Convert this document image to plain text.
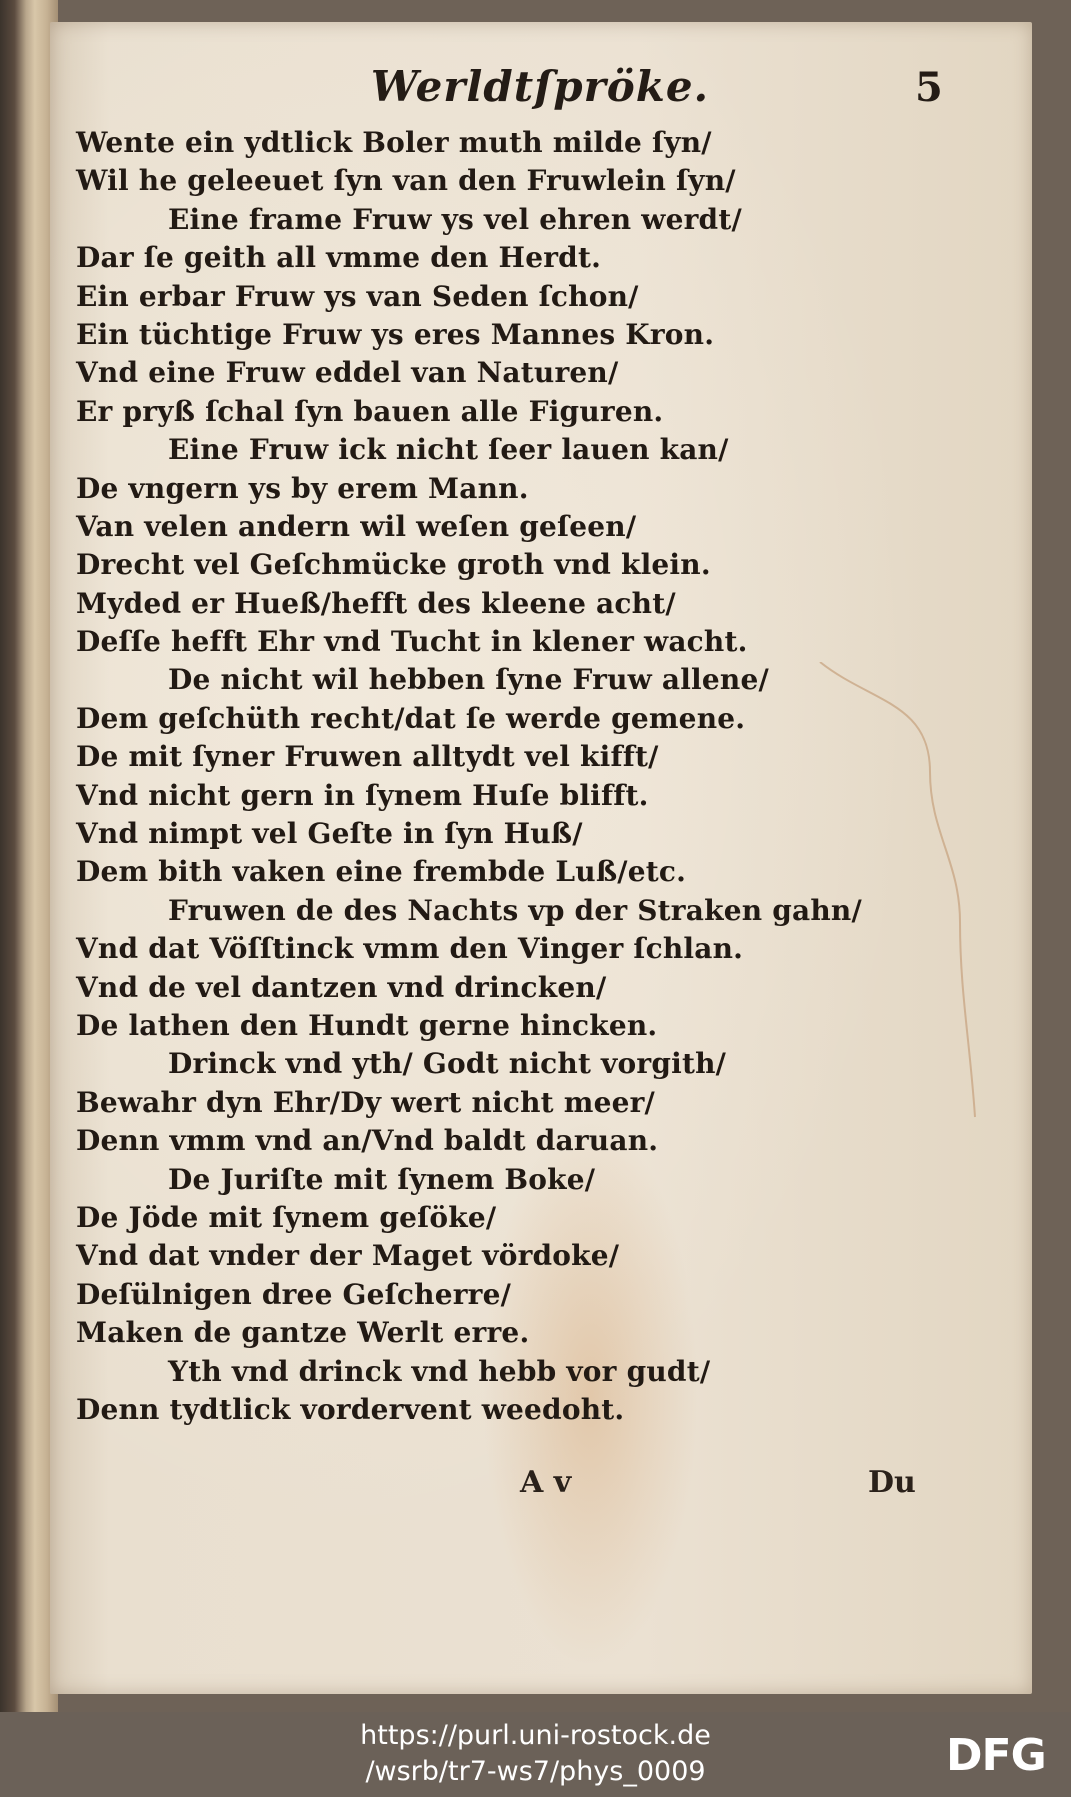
Werldtſpröke.	5
Wente ein ydtlick Boler muth milde ſyn/
Wil he geleeuet ſyn van den Fruwlein ſyn/
Eine frame Fruw ys vel ehren werdt/
Dar ſe geith all vmme den Herdt.
Ein erbar Fruw ys van Seden ſchon/
Ein tüchtige Fruw ys eres Mannes Kron.
Vnd eine Fruw eddel van Naturen/
Er pryß ſchal ſyn bauen alle Figuren.
Eine Fruw ick nicht ſeer lauen kan/
De vngern ys by erem Mann.
Van velen andern wil weſen geſeen/
Drecht vel Geſchmücke groth vnd klein.
Myded er Hueß/hefft des kleene acht/
Deſſe hefft Ehr vnd Tucht in klener wacht.
De nicht wil hebben ſyne Fruw allene/
Dem geſchüth recht/dat ſe werde gemene.
De mit ſyner Fruwen alltydt vel kifft/
Vnd nicht gern in ſynem Huſe blifft.
Vnd nimpt vel Geſte in ſyn Huß/
Dem bith vaken eine frembde Luß/etc.
Fruwen de des Nachts vp der Straken gahn/
Vnd dat Vöſſtinck vmm den Vinger ſchlan.
Vnd de vel dantzen vnd drincken/
De lathen den Hundt gerne hincken.
Drinck vnd yth/ Godt nicht vorgith/
Bewahr dyn Ehr/Dy wert nicht meer/
Denn vmm vnd an/Vnd baldt daruan.
De Juriſte mit ſynem Boke/
De Jöde mit ſynem geſöke/
Vnd dat vnder der Maget vördoke/
Deſülnigen dree Geſcherre/
Maken de gantze Werlt erre.
Yth vnd drinck vnd hebb vor gudt/
Denn tydtlick vordervent weedoht.
A v	Du
https://purl.uni-rostock.de
/wsrb/tr7-ws7/phys_0009	DFG
